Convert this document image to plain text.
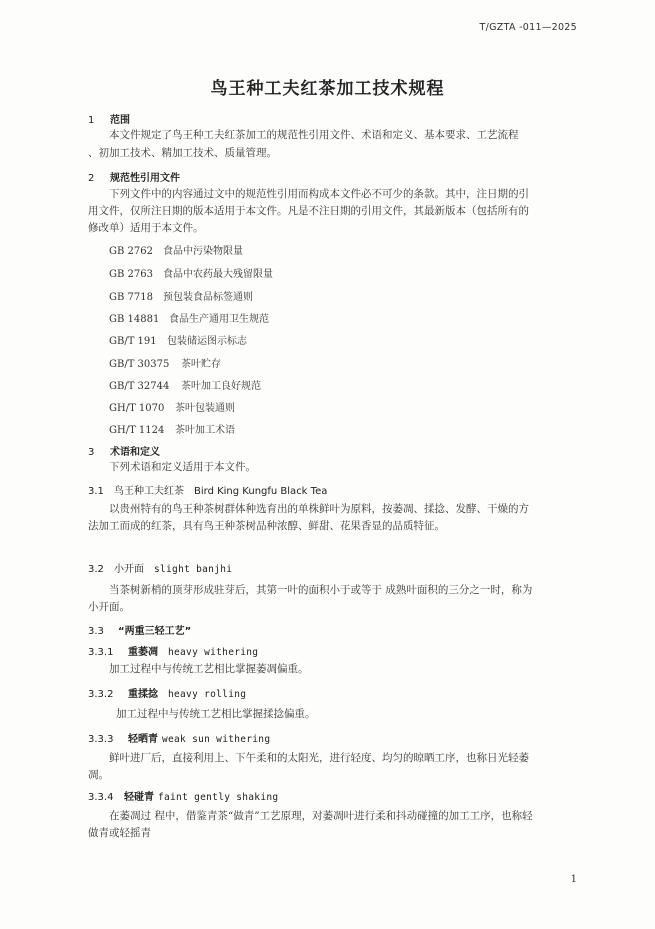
T/GZTA -011—2025
鸟王种工夫红茶加工技术规程
1 范围
本文件规定了鸟王种工夫红茶加工的规范性引用文件、术语和定义、基本要求、工艺流程
、初加工技术、精加工技术、质量管理。
2 规范性引用文件
下列文件中的内容通过文中的规范性引用而构成本文件必不可少的条款。其中，注日期的引
用文件，仅所注日期的版本适用于本文件。凡是不注日期的引用文件，其最新版本（包括所有的
修改单）适用于本文件。
GB 2762 食品中污染物限量
GB 2763 食品中农药最大残留限量
GB 7718 预包装食品标签通则
GB 14881 食品生产通用卫生规范
GB/T 191 包装储运图示标志
GB/T 30375 茶叶贮存
GB/T 32744 茶叶加工良好规范
GH/T 1070 茶叶包装通则
GH/T 1124 茶叶加工术语
3 术语和定义
下列术语和定义适用于本文件。
3.1 鸟王种工夫红茶 Bird King Kungfu Black Tea
以贵州特有的鸟王种茶树群体种选育出的单株鲜叶为原料，按萎凋、揉捻、发酵、干燥的方
法加工而成的红茶，具有鸟王种茶树品种浓醇、鲜甜、花果香显的品质特征。
3.2 小开面 slight banjhi
当茶树新梢的顶芽形成驻芽后，其第一叶的面积小于或等于 成熟叶面积的三分之一时，称为
小开面。
3.3 “两重三轻工艺”
3.3.1 重萎凋 heavy withering
加工过程中与传统工艺相比掌握萎凋偏重。
3.3.2 重揉捻 heavy rolling
加工过程中与传统工艺相比掌握揉捻偏重。
3.3.3 轻晒青 weak sun withering
鲜叶进厂后，直接利用上、下午柔和的太阳光，进行轻度、均匀的晾晒工序，也称日光轻萎
凋。
3.3.4 轻碰青 faint gently shaking
在萎凋过 程中，借鉴青茶“做青”工艺原理，对萎凋叶进行柔和抖动碰撞的加工工序，也称轻
做青或轻摇青
1
